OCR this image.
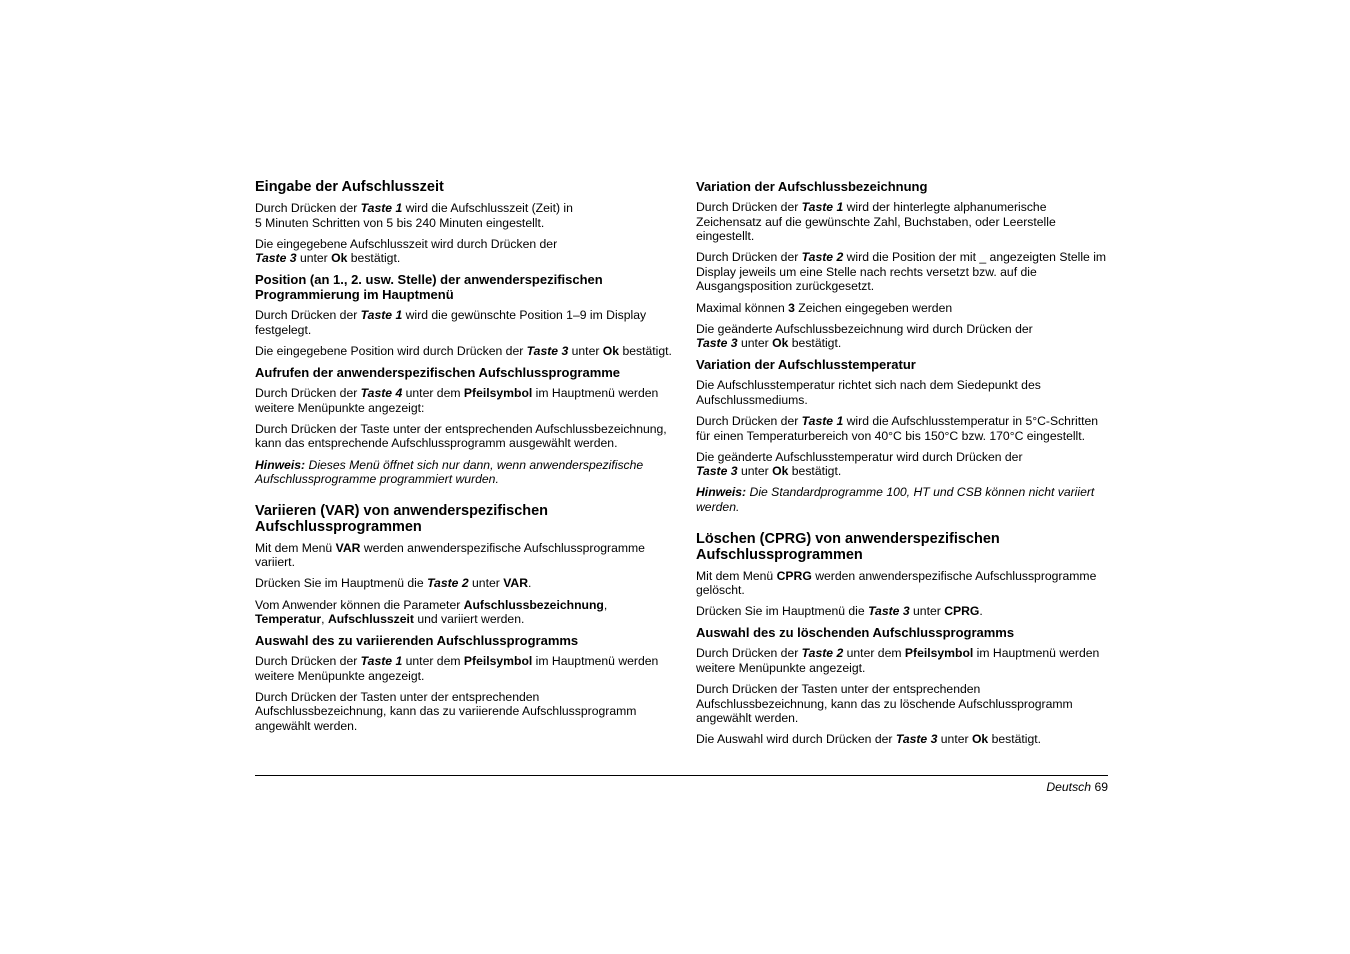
Eingabe der Aufschlusszeit

Durch Drücken der Taste 1 wird die Aufschlusszeit (Zeit) in
5 Minuten Schritten von 5 bis 240 Minuten eingestellt.

Die eingegebene Aufschlusszeit wird durch Drücken der
Taste 3 unter Ok bestätigt.

Position (an 1., 2. usw. Stelle) der anwenderspezifischen
Programmierung im Hauptmenü

Durch Drücken der Taste 1 wird die gewünschte Position 1–9 im Display festgelegt.

Die eingegebene Position wird durch Drücken der Taste 3 unter Ok bestätigt.

Aufrufen der anwenderspezifischen Aufschlussprogramme

Durch Drücken der Taste 4 unter dem Pfeilsymbol im Hauptmenü werden weitere Menüpunkte angezeigt:

Durch Drücken der Taste unter der entsprechenden Aufschlussbezeichnung, kann das entsprechende Aufschlussprogramm ausgewählt werden.

Hinweis: Dieses Menü öffnet sich nur dann, wenn anwenderspezifische Aufschlussprogramme programmiert wurden.

Variieren (VAR) von anwenderspezifischen
Aufschlussprogrammen

Mit dem Menü VAR werden anwenderspezifische Aufschlussprogramme variiert.

Drücken Sie im Hauptmenü die Taste 2 unter VAR.

Vom Anwender können die Parameter Aufschlussbezeichnung, Temperatur, Aufschlusszeit und variiert werden.

Auswahl des zu variierenden Aufschlussprogramms

Durch Drücken der Taste 1 unter dem Pfeilsymbol im Hauptmenü werden weitere Menüpunkte angezeigt.

Durch Drücken der Tasten unter der entsprechenden Aufschlussbezeichnung, kann das zu variierende Aufschlussprogramm angewählt werden.

Variation der Aufschlussbezeichnung

Durch Drücken der Taste 1 wird der hinterlegte alphanumerische Zeichensatz auf die gewünschte Zahl, Buchstaben, oder Leerstelle eingestellt.

Durch Drücken der Taste 2 wird die Position der mit _ angezeigten Stelle im Display jeweils um eine Stelle nach rechts versetzt bzw. auf die Ausgangsposition zurückgesetzt.

Maximal können 3 Zeichen eingegeben werden

Die geänderte Aufschlussbezeichnung wird durch Drücken der
Taste 3 unter Ok bestätigt.

Variation der Aufschlusstemperatur

Die Aufschlusstemperatur richtet sich nach dem Siedepunkt des Aufschlussmediums.

Durch Drücken der Taste 1 wird die Aufschlusstemperatur in 5°C-Schritten für einen Temperaturbereich von 40°C bis 150°C bzw. 170°C eingestellt.

Die geänderte Aufschlusstemperatur wird durch Drücken der
Taste 3 unter Ok bestätigt.

Hinweis: Die Standardprogramme 100, HT und CSB können nicht variiert werden.

Löschen (CPRG) von anwenderspezifischen
Aufschlussprogrammen

Mit dem Menü CPRG werden anwenderspezifische Aufschlussprogramme gelöscht.

Drücken Sie im Hauptmenü die Taste 3 unter CPRG.

Auswahl des zu löschenden Aufschlussprogramms

Durch Drücken der Taste 2 unter dem Pfeilsymbol im Hauptmenü werden weitere Menüpunkte angezeigt.

Durch Drücken der Tasten unter der entsprechenden Aufschlussbezeichnung, kann das zu löschende Aufschlussprogramm angewählt werden.

Die Auswahl wird durch Drücken der Taste 3 unter Ok bestätigt.

Deutsch 69
